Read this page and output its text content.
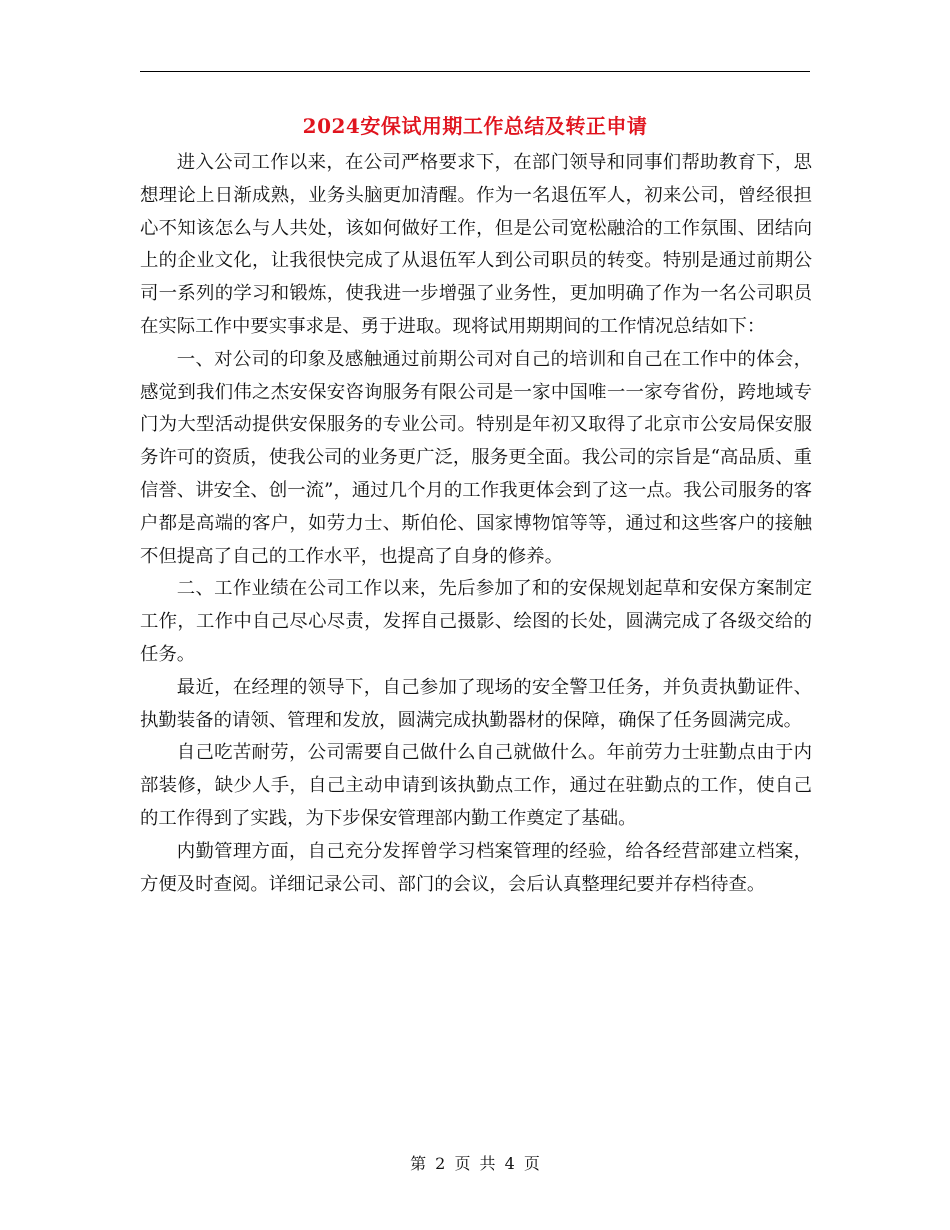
2024安保试用期工作总结及转正申请

进入公司工作以来，在公司严格要求下，在部门领导和同事们帮助教育下，思想理论上日渐成熟，业务头脑更加清醒。作为一名退伍军人，初来公司，曾经很担心不知该怎么与人共处，该如何做好工作，但是公司宽松融洽的工作氛围、团结向上的企业文化，让我很快完成了从退伍军人到公司职员的转变。特别是通过前期公司一系列的学习和锻炼，使我进一步增强了业务性，更加明确了作为一名公司职员在实际工作中要实事求是、勇于进取。现将试用期期间的工作情况总结如下：

一、对公司的印象及感触通过前期公司对自己的培训和自己在工作中的体会，感觉到我们伟之杰安保安咨询服务有限公司是一家中国唯一一家夸省份，跨地域专门为大型活动提供安保服务的专业公司。特别是年初又取得了北京市公安局保安服务许可的资质，使我公司的业务更广泛，服务更全面。我公司的宗旨是“高品质、重信誉、讲安全、创一流”，通过几个月的工作我更体会到了这一点。我公司服务的客户都是高端的客户，如劳力士、斯伯伦、国家博物馆等等，通过和这些客户的接触不但提高了自己的工作水平，也提高了自身的修养。

二、工作业绩在公司工作以来，先后参加了和的安保规划起草和安保方案制定工作，工作中自己尽心尽责，发挥自己摄影、绘图的长处，圆满完成了各级交给的任务。

最近，在经理的领导下，自己参加了现场的安全警卫任务，并负责执勤证件、执勤装备的请领、管理和发放，圆满完成执勤器材的保障，确保了任务圆满完成。

自己吃苦耐劳，公司需要自己做什么自己就做什么。年前劳力士驻勤点由于内部装修，缺少人手，自己主动申请到该执勤点工作，通过在驻勤点的工作，使自己的工作得到了实践，为下步保安管理部内勤工作奠定了基础。

内勤管理方面，自己充分发挥曾学习档案管理的经验，给各经营部建立档案，方便及时查阅。详细记录公司、部门的会议，会后认真整理纪要并存档待查。

第 2 页 共 4 页
